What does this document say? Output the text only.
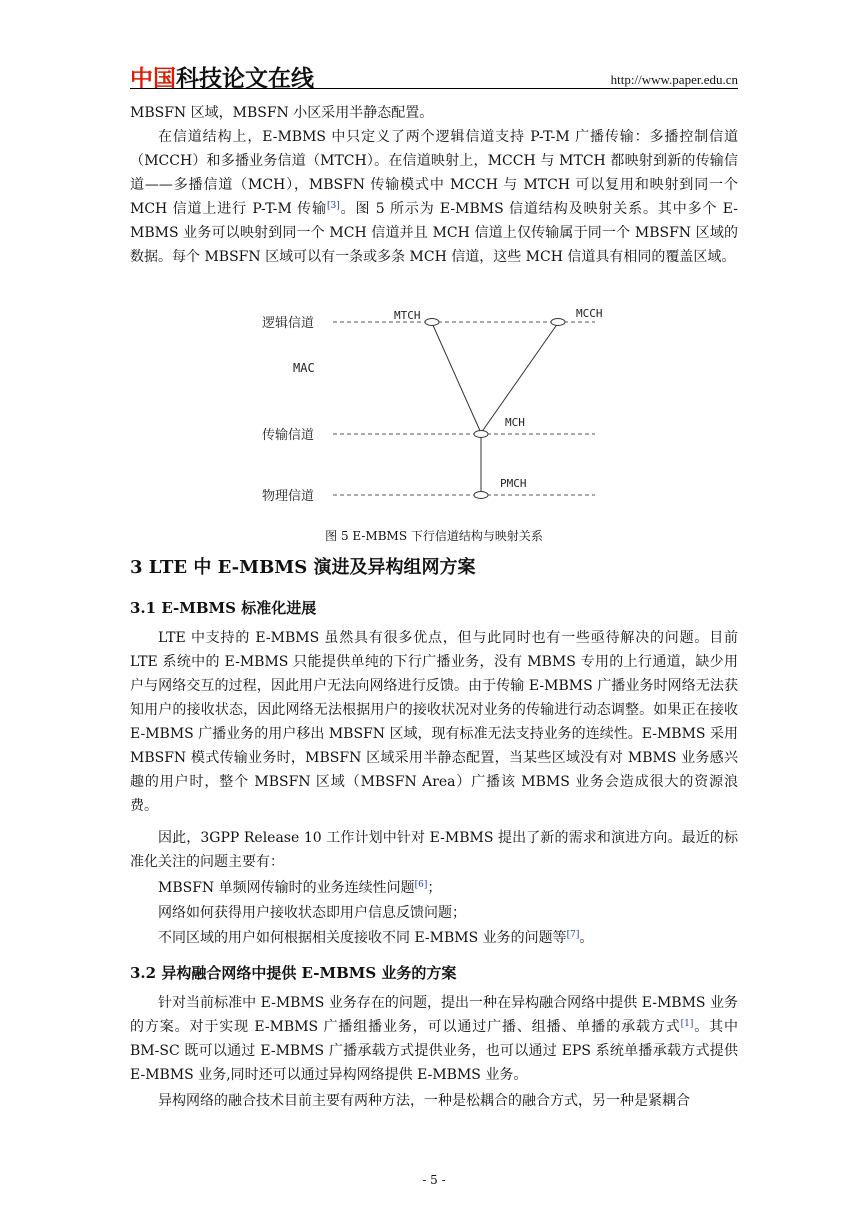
中国科技论文在线	http://www.paper.edu.cn

MBSFN 区域，MBSFN 小区采用半静态配置。

在信道结构上，E-MBMS 中只定义了两个逻辑信道支持 P-T-M 广播传输：多播控制信道（MCCH）和多播业务信道（MTCH）。在信道映射上，MCCH 与 MTCH 都映射到新的传输信道——多播信道（MCH），MBSFN 传输模式中 MCCH 与 MTCH 可以复用和映射到同一个 MCH 信道上进行 P-T-M 传输[3]。图 5 所示为 E-MBMS 信道结构及映射关系。其中多个 E-MBMS 业务可以映射到同一个 MCH 信道并且 MCH 信道上仅传输属于同一个 MBSFN 区域的数据。每个 MBSFN 区域可以有一条或多条 MCH 信道，这些 MCH 信道具有相同的覆盖区域。

逻辑信道
MAC
传输信道
物理信道
MTCH	MCCH
MCH
PMCH
图 5 E-MBMS 下行信道结构与映射关系
3 LTE 中 E-MBMS 演进及异构组网方案
3.1 E-MBMS 标准化进展

LTE 中支持的 E-MBMS 虽然具有很多优点，但与此同时也有一些亟待解决的问题。目前 LTE 系统中的 E-MBMS 只能提供单纯的下行广播业务，没有 MBMS 专用的上行通道，缺少用户与网络交互的过程，因此用户无法向网络进行反馈。由于传输 E-MBMS 广播业务时网络无法获知用户的接收状态，因此网络无法根据用户的接收状况对业务的传输进行动态调整。如果正在接收 E-MBMS 广播业务的用户移出 MBSFN 区域，现有标准无法支持业务的连续性。E-MBMS 采用 MBSFN 模式传输业务时，MBSFN 区域采用半静态配置，当某些区域没有对 MBMS 业务感兴趣的用户时，整个 MBSFN 区域（MBSFN Area）广播该 MBMS 业务会造成很大的资源浪费。

因此，3GPP Release 10 工作计划中针对 E-MBMS 提出了新的需求和演进方向。最近的标准化关注的问题主要有：

MBSFN 单频网传输时的业务连续性问题[6]；

网络如何获得用户接收状态即用户信息反馈问题；

不同区域的用户如何根据相关度接收不同 E-MBMS 业务的问题等[7]。

3.2 异构融合网络中提供 E-MBMS 业务的方案

针对当前标准中 E-MBMS 业务存在的问题，提出一种在异构融合网络中提供 E-MBMS 业务的方案。对于实现 E-MBMS 广播组播业务，可以通过广播、组播、单播的承载方式[1]。其中 BM-SC 既可以通过 E-MBMS 广播承载方式提供业务，也可以通过 EPS 系统单播承载方式提供 E-MBMS 业务,同时还可以通过异构网络提供 E-MBMS 业务。

异构网络的融合技术目前主要有两种方法，一种是松耦合的融合方式，另一种是紧耦合

- 5 -
